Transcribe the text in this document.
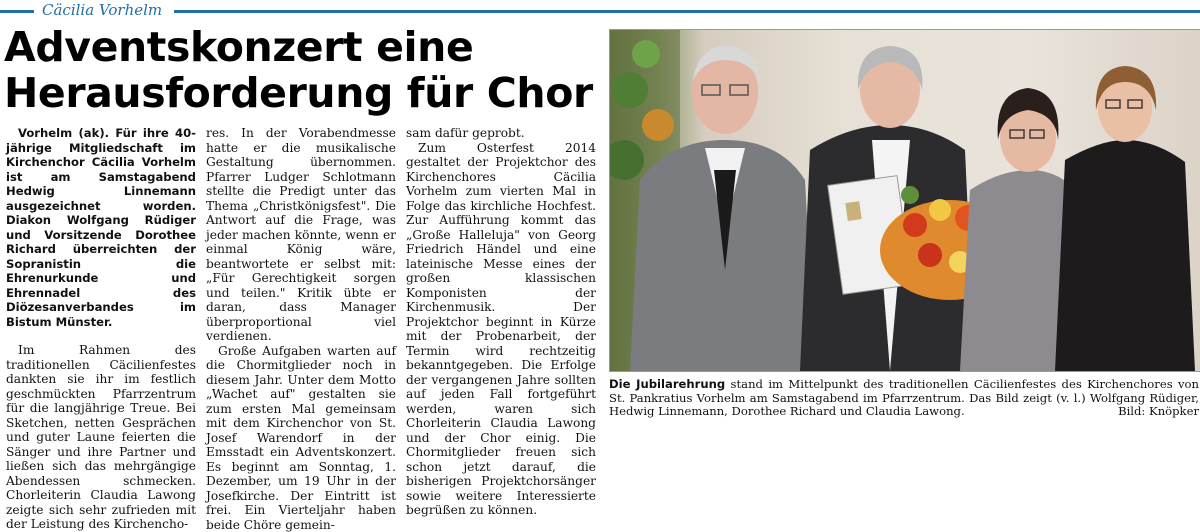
Cäcilia Vorhelm
Adventskonzert eine
Herausforderung für Chor

Vorhelm (ak). Für ihre 40-jährige Mitgliedschaft im Kirchenchor Cäcilia Vorhelm ist am Samstagabend Hedwig Linnemann ausgezeichnet worden. Diakon Wolfgang Rüdiger und Vorsitzende Dorothee Richard überreichten der Sopranistin die Ehrenurkunde und Ehrennadel des Diözesanverbandes im Bistum Münster.

Im Rahmen des traditionellen Cäcilienfestes dankten sie ihr im festlich geschmückten Pfarrzentrum für die langjährige Treue. Bei Sketchen, netten Gesprächen und guter Laune feierten die Sänger und ihre Partner und ließen sich das mehrgängige Abendessen schmecken. Chorleiterin Claudia Lawong zeigte sich sehr zufrieden mit der Leistung des Kirchencho-

res. In der Vorabendmesse hatte er die musikalische Gestaltung übernommen. Pfarrer Ludger Schlotmann stellte die Predigt unter das Thema „Christkönigsfest". Die Antwort auf die Frage, was jeder machen könnte, wenn er einmal König wäre, beantwortete er selbst mit: „Für Gerechtigkeit sorgen und teilen." Kritik übte er daran, dass Manager überproportional viel verdienen.

Große Aufgaben warten auf die Chormitglieder noch in diesem Jahr. Unter dem Motto „Wachet auf" gestalten sie zum ersten Mal gemeinsam mit dem Kirchenchor von St. Josef Warendorf in der Emsstadt ein Adventskonzert. Es beginnt am Sonntag, 1. Dezember, um 19 Uhr in der Josefkirche. Der Eintritt ist frei. Ein Vierteljahr haben beide Chöre gemein-

sam dafür geprobt.

Zum Osterfest 2014 gestaltet der Projektchor des Kirchenchores Cäcilia Vorhelm zum vierten Mal in Folge das kirchliche Hochfest. Zur Aufführung kommt das „Große Halleluja" von Georg Friedrich Händel und eine lateinische Messe eines der großen klassischen Komponisten der Kirchenmusik. Der Projektchor beginnt in Kürze mit der Probenarbeit, der Termin wird rechtzeitig bekanntgegeben. Die Erfolge der vergangenen Jahre sollten auf jeden Fall fortgeführt werden, waren sich Chorleiterin Claudia Lawong und der Chor einig. Die Chormitglieder freuen sich schon jetzt darauf, die bisherigen Projektchorsänger sowie weitere Interessierte begrüßen zu können.

Die Jubilarehrung stand im Mittelpunkt des traditionellen Cäcilienfestes des Kirchenchores von St. Pankratius Vorhelm am Samstagabend im Pfarrzentrum. Das Bild zeigt (v. l.) Wolfgang Rüdiger, Hedwig Linnemann, Dorothee Richard und Claudia Lawong.	Bild: Knöpker
